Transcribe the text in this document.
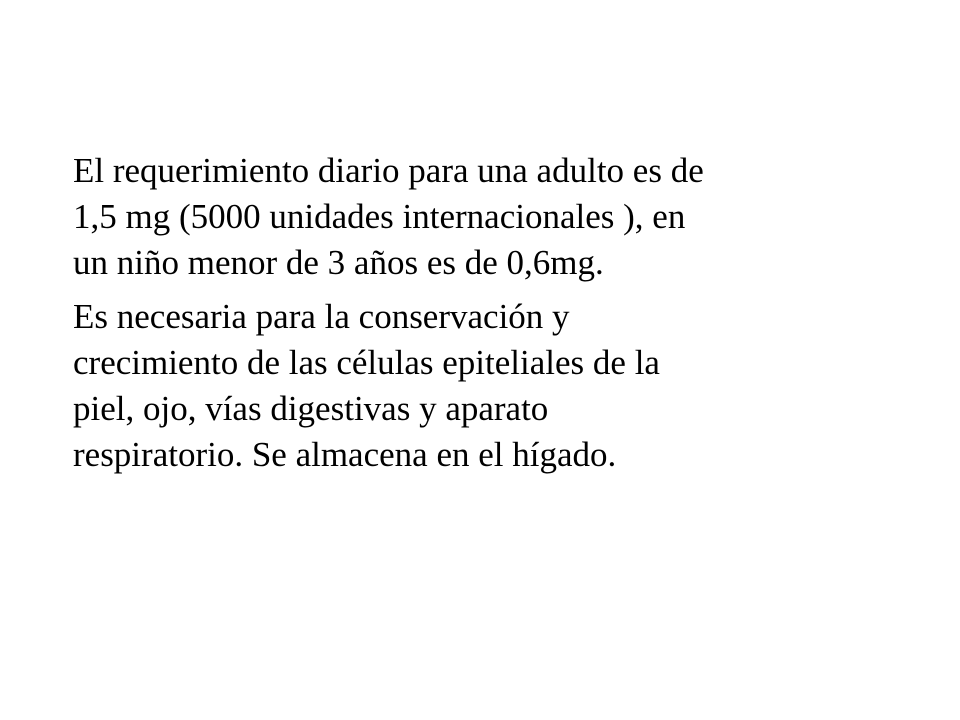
El requerimiento diario para una adulto es de
1,5 mg (5000 unidades internacionales ), en
un niño menor de 3 años es de 0,6mg.

Es necesaria para la conservación y
crecimiento de las células epiteliales de la
piel, ojo, vías digestivas y aparato
respiratorio. Se almacena en el hígado.
